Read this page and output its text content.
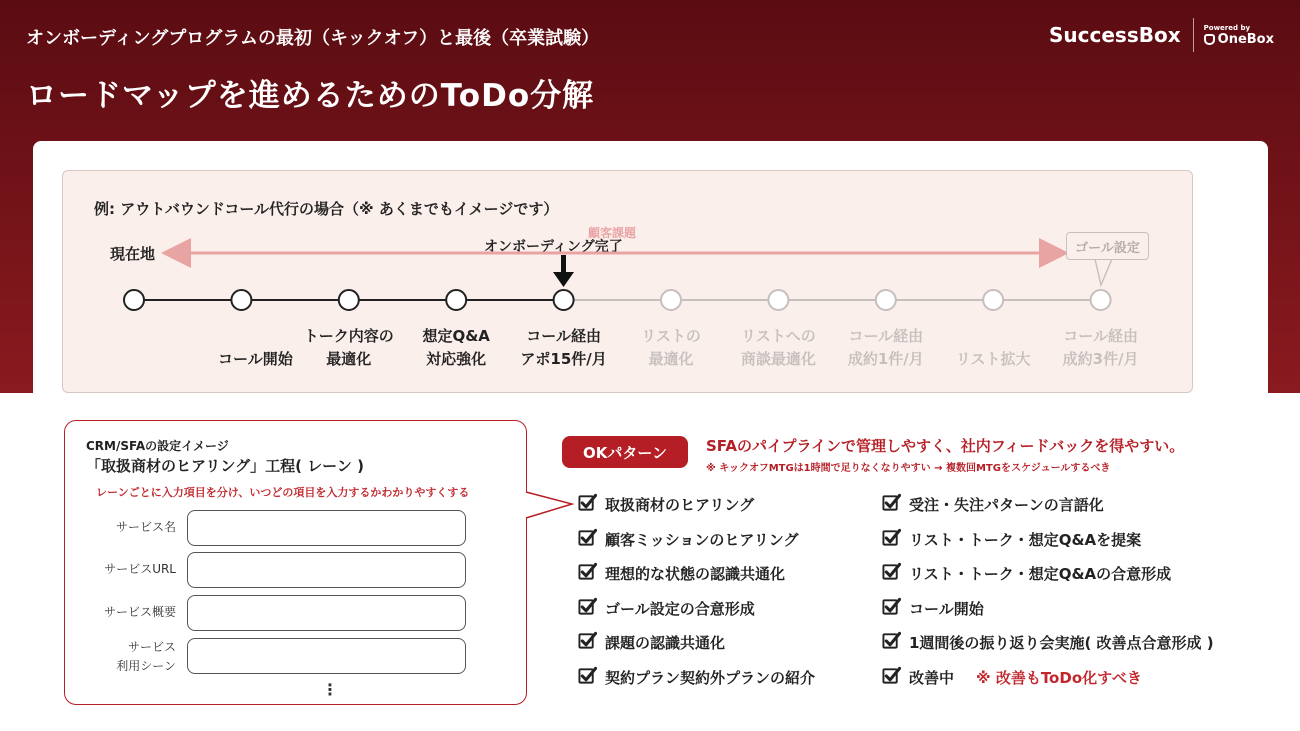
オンボーディングプログラムの最初（キックオフ）と最後（卒業試験）
ロードマップを進めるためのToDo分解
SuccessBox	Powered by
OneBox
例: アウトバウンドコール代行の場合（※ あくまでもイメージです）
現在地
顧客課題
オンボーディング完了	ゴール設定

コール開始
トーク内容の
最適化
想定Q&A
対応強化
コール経由
アポ15件/月
リストの
最適化
リストへの
商談最適化
コール経由
成約1件/月
リスト拡大
コール経由
成約3件/月
CRM/SFAの設定イメージ
「取扱商材のヒアリング」工程( レーン )
レーンごとに入力項目を分け、いつどの項目を入力するかわかりやすくする
サービス名
サービスURL
サービス概要
サービス
利用シーン
⋮
OKパターン	SFAのパイプラインで管理しやすく、社内フィードバックを得やすい。
※ キックオフMTGは1時間で足りなくなりやすい → 複数回MTGをスケジュールするべき
取扱商材のヒアリング
顧客ミッションのヒアリング
理想的な状態の認識共通化
ゴール設定の合意形成
課題の認識共通化
契約プラン契約外プランの紹介
受注・失注パターンの言語化
リスト・トーク・想定Q&Aを提案
リスト・トーク・想定Q&Aの合意形成
コール開始
1週間後の振り返り会実施( 改善点合意形成 )
改善中 ※ 改善もToDo化すべき
